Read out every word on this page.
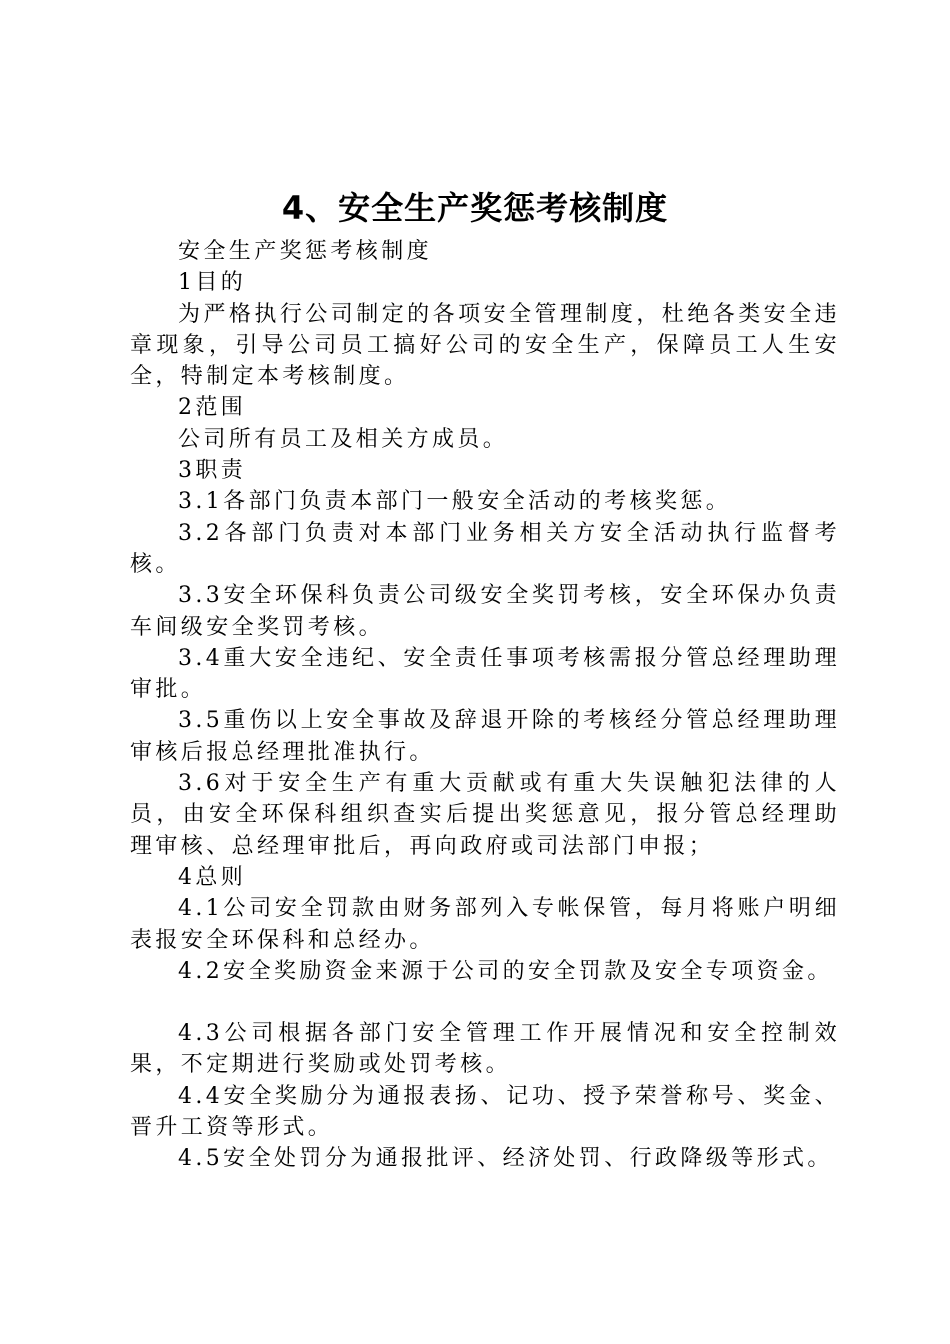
4、安全生产奖惩考核制度

安全生产奖惩考核制度

1目的

为严格执行公司制定的各项安全管理制度，杜绝各类安全违章现象，引导公司员工搞好公司的安全生产，保障员工人生安全，特制定本考核制度。

2范围

公司所有员工及相关方成员。

3职责

3.1各部门负责本部门一般安全活动的考核奖惩。

3.2各部门负责对本部门业务相关方安全活动执行监督考核。

3.3安全环保科负责公司级安全奖罚考核，安全环保办负责车间级安全奖罚考核。

3.4重大安全违纪、安全责任事项考核需报分管总经理助理审批。

3.5重伤以上安全事故及辞退开除的考核经分管总经理助理审核后报总经理批准执行。

3.6对于安全生产有重大贡献或有重大失误触犯法律的人员，由安全环保科组织查实后提出奖惩意见，报分管总经理助理审核、总经理审批后，再向政府或司法部门申报；

4总则

4.1公司安全罚款由财务部列入专帐保管，每月将账户明细表报安全环保科和总经办。

4.2安全奖励资金来源于公司的安全罚款及安全专项资金。

4.3公司根据各部门安全管理工作开展情况和安全控制效果，不定期进行奖励或处罚考核。

4.4安全奖励分为通报表扬、记功、授予荣誉称号、奖金、晋升工资等形式。

4.5安全处罚分为通报批评、经济处罚、行政降级等形式。
